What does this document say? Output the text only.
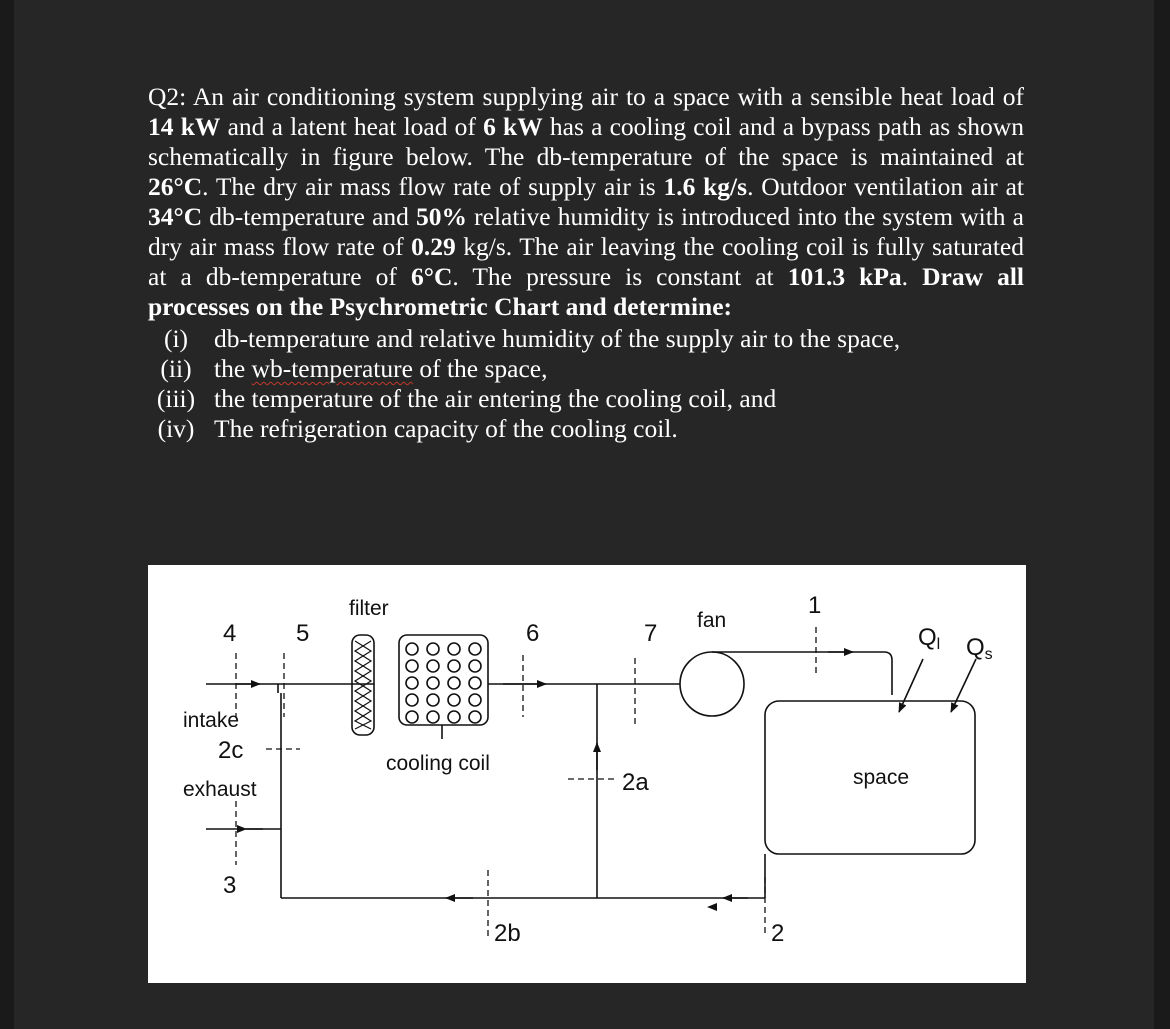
Q2: An air conditioning system supplying air to a space with a sensible heat load of 14 kW and a latent heat load of 6 kW has a cooling coil and a bypass path as shown schematically in figure below. The db-temperature of the space is maintained at 26°C. The dry air mass flow rate of supply air is 1.6 kg/s. Outdoor ventilation air at 34°C db-temperature and 50% relative humidity is introduced into the system with a dry air mass flow rate of 0.29 kg/s. The air leaving the cooling coil is fully saturated at a db-temperature of 6°C. The pressure is constant at 101.3 kPa. Draw all processes on the Psychrometric Chart and determine:

(i)	db-temperature and relative humidity of the supply air to the space,
(ii) the wb-temperature of the space,
(iii) the temperature of the air entering the cooling coil, and
(iv) The refrigeration capacity of the cooling coil.
filter
fan
cooling coil
intake
exhaust
space
4 5	6	7
1
2c
2a
2b	2
3
Ql Qs
